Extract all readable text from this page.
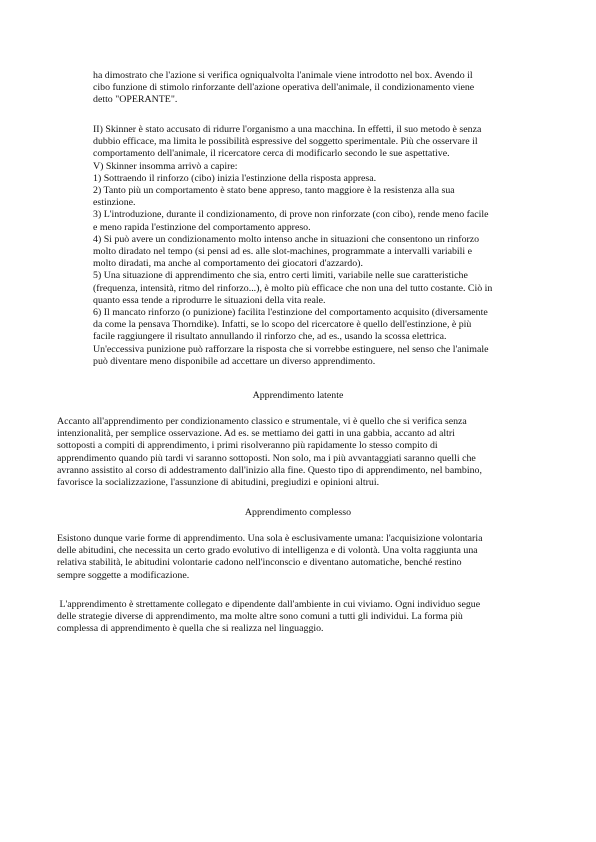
ha dimostrato che l'azione si verifica ogniqualvolta l'animale viene introdotto nel box. Avendo il
cibo funzione di stimolo rinforzante dell'azione operativa dell'animale, il condizionamento viene
detto "OPERANTE".
II) Skinner è stato accusato di ridurre l'organismo a una macchina. In effetti, il suo metodo è senza
dubbio efficace, ma limita le possibilità espressive del soggetto sperimentale. Più che osservare il
comportamento dell'animale, il ricercatore cerca di modificarlo secondo le sue aspettative.
V) Skinner insomma arrivò a capire:
1) Sottraendo il rinforzo (cibo) inizia l'estinzione della risposta appresa.
2) Tanto più un comportamento è stato bene appreso, tanto maggiore è la resistenza alla sua
estinzione.
3) L'introduzione, durante il condizionamento, di prove non rinforzate (con cibo), rende meno facile
e meno rapida l'estinzione del comportamento appreso.
4) Si può avere un condizionamento molto intenso anche in situazioni che consentono un rinforzo
molto diradato nel tempo (si pensi ad es. alle slot-machines, programmate a intervalli variabili e
molto diradati, ma anche al comportamento dei giocatori d'azzardo).
5) Una situazione di apprendimento che sia, entro certi limiti, variabile nelle sue caratteristiche
(frequenza, intensità, ritmo del rinforzo...), è molto più efficace che non una del tutto costante. Ciò in
quanto essa tende a riprodurre le situazioni della vita reale.
6) Il mancato rinforzo (o punizione) facilita l'estinzione del comportamento acquisito (diversamente
da come la pensava Thorndike). Infatti, se lo scopo del ricercatore è quello dell'estinzione, è più
facile raggiungere il risultato annullando il rinforzo che, ad es., usando la scossa elettrica.
Un'eccessiva punizione può rafforzare la risposta che si vorrebbe estinguere, nel senso che l'animale
può diventare meno disponibile ad accettare un diverso apprendimento.
Apprendimento latente
Accanto all'apprendimento per condizionamento classico e strumentale, vi è quello che si verifica senza
intenzionalità, per semplice osservazione. Ad es. se mettiamo dei gatti in una gabbia, accanto ad altri
sottoposti a compiti di apprendimento, i primi risolveranno più rapidamente lo stesso compito di
apprendimento quando più tardi vi saranno sottoposti. Non solo, ma i più avvantaggiati saranno quelli che
avranno assistito al corso di addestramento dall'inizio alla fine. Questo tipo di apprendimento, nel bambino,
favorisce la socializzazione, l'assunzione di abitudini, pregiudizi e opinioni altrui.
Apprendimento complesso
Esistono dunque varie forme di apprendimento. Una sola è esclusivamente umana: l'acquisizione volontaria
delle abitudini, che necessita un certo grado evolutivo di intelligenza e di volontà. Una volta raggiunta una
relativa stabilità, le abitudini volontarie cadono nell'inconscio e diventano automatiche, benché restino
sempre soggette a modificazione.
L'apprendimento è strettamente collegato e dipendente dall'ambiente in cui viviamo. Ogni individuo segue
delle strategie diverse di apprendimento, ma molte altre sono comuni a tutti gli individui. La forma più
complessa di apprendimento è quella che si realizza nel linguaggio.
